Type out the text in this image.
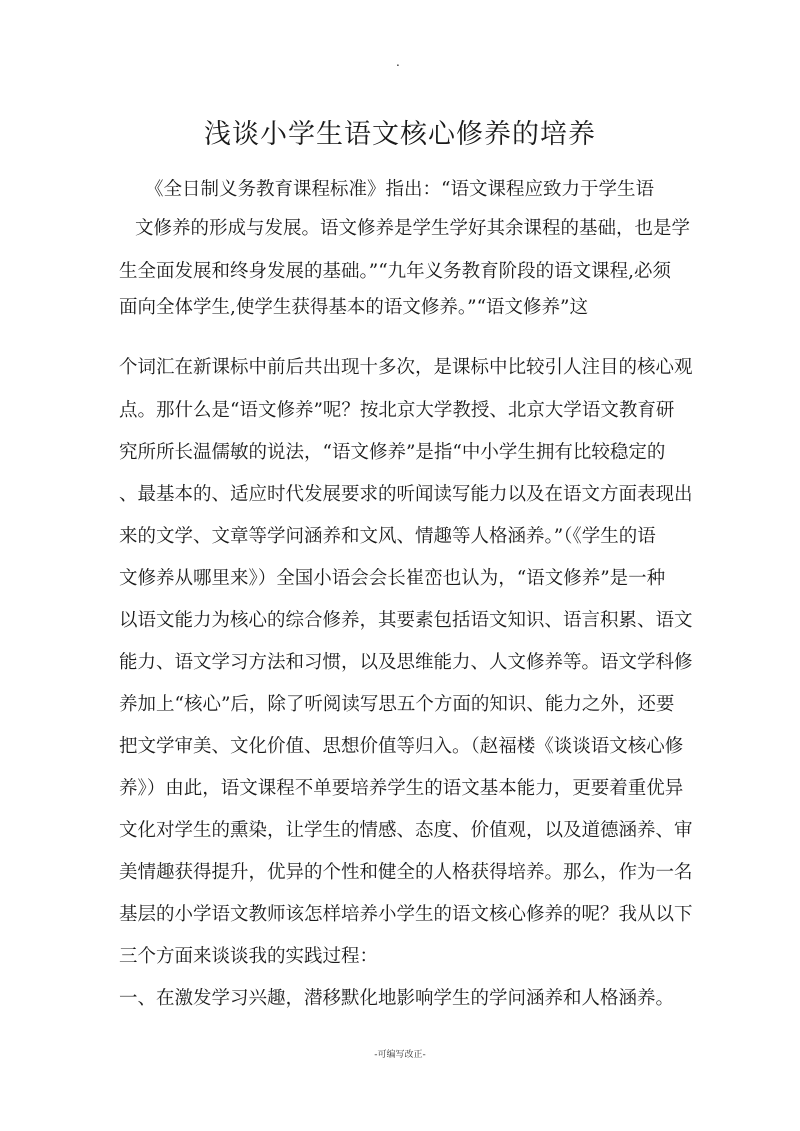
.
浅谈小学生语文核心修养的培养

《全日制义务教育课程标准》指出：“语文课程应致力于学生语

文修养的形成与发展。语文修养是学生学好其余课程的基础，也是学

生全面发展和终身发展的基础。”“九年义务教育阶段的语文课程,必须

面向全体学生,使学生获得基本的语文修养。”“语文修养”这

个词汇在新课标中前后共出现十多次，是课标中比较引人注目的核心观

点。那什么是“语文修养”呢？按北京大学教授、北京大学语文教育研

究所所长温儒敏的说法，“语文修养”是指“中小学生拥有比较稳定的

、最基本的、适应时代发展要求的听闻读写能力以及在语文方面表现出

来的文学、文章等学问涵养和文风、情趣等人格涵养。”（《学生的语

文修养从哪里来》）全国小语会会长崔峦也认为，“语文修养”是一种

以语文能力为核心的综合修养，其要素包括语文知识、语言积累、语文

能力、语文学习方法和习惯，以及思维能力、人文修养等。语文学科修

养加上“核心”后，除了听阅读写思五个方面的知识、能力之外，还要

把文学审美、文化价值、思想价值等归入。（赵福楼《谈谈语文核心修

养》）由此，语文课程不单要培养学生的语文基本能力，更要着重优异

文化对学生的熏染，让学生的情感、态度、价值观，以及道德涵养、审

美情趣获得提升，优异的个性和健全的人格获得培养。那么，作为一名

基层的小学语文教师该怎样培养小学生的语文核心修养的呢？我从以下

三个方面来谈谈我的实践过程：

一、在激发学习兴趣，潜移默化地影响学生的学问涵养和人格涵养。

-可编写改正-
